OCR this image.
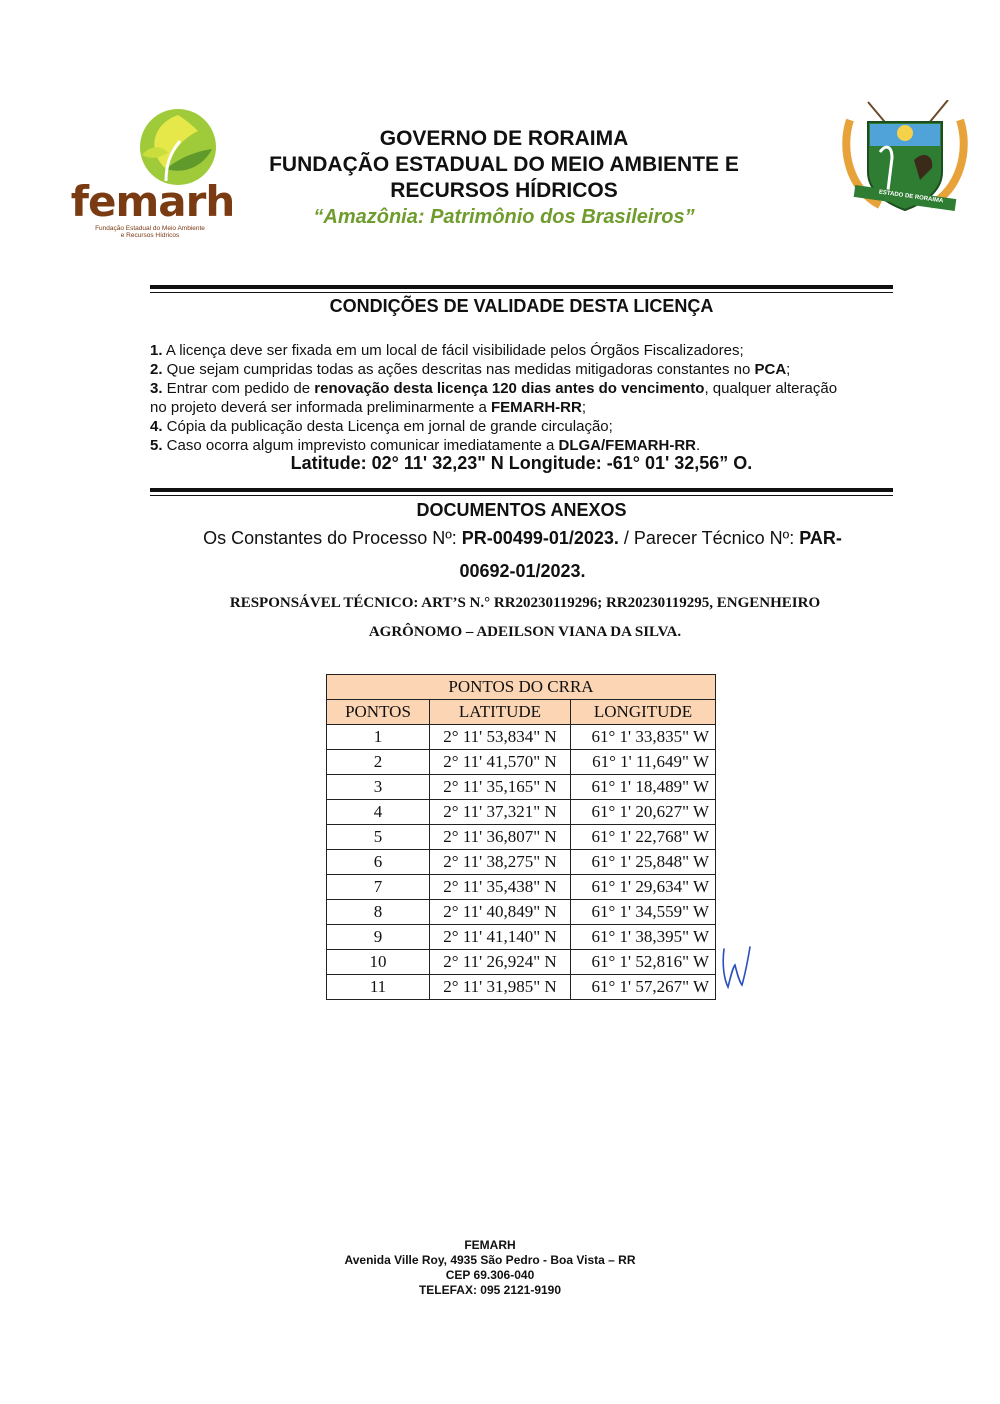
femarh
Fundação Estadual do Meio Ambiente
e Recursos Hídricos
GOVERNO DE RORAIMA
FUNDAÇÃO ESTADUAL DO MEIO AMBIENTE E
RECURSOS HÍDRICOS
“Amazônia: Patrimônio dos Brasileiros”
ESTADO DE RORAIMA
CONDIÇÕES DE VALIDADE DESTA LICENÇA

1. A licença deve ser fixada em um local de fácil visibilidade pelos Órgãos Fiscalizadores;

2. Que sejam cumpridas todas as ações descritas nas medidas mitigadoras constantes no PCA;

3. Entrar com pedido de renovação desta licença 120 dias antes do vencimento, qualquer alteração
no projeto deverá ser informada preliminarmente a FEMARH-RR;

4. Cópia da publicação desta Licença em jornal de grande circulação;

5. Caso ocorra algum imprevisto comunicar imediatamente a DLGA/FEMARH-RR.

Latitude: 02° 11' 32,23" N Longitude: -61° 01' 32,56” O.
DOCUMENTOS ANEXOS
Os Constantes do Processo Nº: PR-00499-01/2023. / Parecer Técnico Nº: PAR-
00692-01/2023.
RESPONSÁVEL TÉCNICO: ART’S N.° RR20230119296; RR20230119295, ENGENHEIRO
AGRÔNOMO – ADEILSON VIANA DA SILVA.
PONTOS DO CRRA		
PONTOS	LATITUDE	LONGITUDE
1	2° 11' 53,834" N	61° 1' 33,835" W
2	2° 11' 41,570" N	61° 1' 11,649" W
3	2° 11' 35,165" N	61° 1' 18,489" W
4	2° 11' 37,321" N	61° 1' 20,627" W
5	2° 11' 36,807" N	61° 1' 22,768" W
6	2° 11' 38,275" N	61° 1' 25,848" W
7	2° 11' 35,438" N	61° 1' 29,634" W
8	2° 11' 40,849" N	61° 1' 34,559" W
9	2° 11' 41,140" N	61° 1' 38,395" W
10	2° 11' 26,924" N	61° 1' 52,816" W
11	2° 11' 31,985" N	61° 1' 57,267" W
FEMARH
Avenida Ville Roy, 4935 São Pedro - Boa Vista – RR
CEP 69.306-040
TELEFAX: 095 2121-9190
